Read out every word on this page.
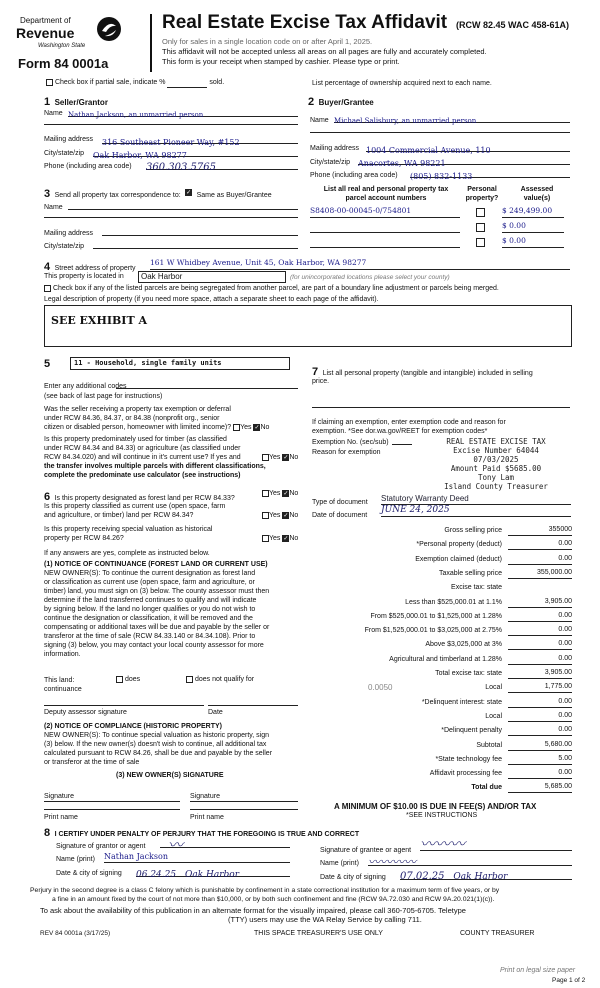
Department of
Revenue
Washington State
Form 84 0001a
Real Estate Excise Tax Affidavit (RCW 82.45 WAC 458-61A)
Only for sales in a single location code on or after April 1, 2025.
This affidavit will not be accepted unless all areas on all pages are fully and accurately completed.
This form is your receipt when stamped by cashier. Please type or print.
Check box if partial sale, indicate %	sold.	List percentage of ownership acquired next to each name.
1 Seller/Grantor
Name Nathan Jackson, an unmarried person
Mailing address 316 Southeast Pioneer Way, #152
City/state/zip Oak Harbor, WA 98277
Phone (including area code) 360.303.5765
2 Buyer/Grantee
Name Michael Salisbury, an unmarried person
Mailing address 1004 Commercial Avenue, 110
City/state/zip Anacortes, WA 98221
Phone (including area code) (805) 832-1133
3 Send all property tax correspondence to: ✓ Same as Buyer/Grantee
Name
Mailing address
City/state/zip
List all real and personal property tax
parcel account numbers
Personal
property?
Assessed
value(s)
S8408-00-00045-0/754801	$ 249,499.00
$ 0.00
$ 0.00
4 Street address of property
161 W Whidbey Avenue, Unit 45, Oak Harbor, WA 98277
This property is located in	Oak Harbor	(for unincorporated locations please select your county)
Check box if any of the listed parcels are being segregated from another parcel, are part of a boundary line adjustment or parcels being merged.
Legal description of property (if you need more space, attach a separate sheet to each page of the affidavit).
SEE EXHIBIT A
5	11 - Household, single family units
Enter any additional codes
(see back of last page for instructions)
Was the seller receiving a property tax exemption or deferral
under RCW 84.36, 84.37, or 84.38 (nonprofit org., senior
citizen or disabled person, homeowner with limited income)? Yes ✓No
Is this property predominately used for timber (as classified
under RCW 84.34 and 84.33) or agriculture (as classified under
RCW 84.34.020) and will continue in it's current use? If yes and
the transfer involves multiple parcels with different classifications,
complete the predominate use calculator (see instructions)
Yes ✓No
6 Is this property designated as forest land per RCW 84.33?
Yes ✓No
Is this property classified as current use (open space, farm
and agriculture, or timber) land per RCW 84.34?	Yes ✓No
Is this property receiving special valuation as historical
property per RCW 84.26?	Yes ✓No
If any answers are yes, complete as instructed below.
(1) NOTICE OF CONTINUANCE (FOREST LAND OR CURRENT USE)
NEW OWNER(S): To continue the current designation as forest land
or classification as current use (open space, farm and agriculture, or
timber) land, you must sign on (3) below. The county assessor must then
determine if the land transferred continues to qualify and will indicate
by signing below. If the land no longer qualifies or you do not wish to
continue the designation or classification, it will be removed and the
compensating or additional taxes will be due and payable by the seller or
transferor at the time of sale (RCW 84.33.140 or 84.34.108). Prior to
signing (3) below, you may contact your local county assessor for more
information.
This land:
continuance
does	does not qualify for
Deputy assessor signature	Date
(2) NOTICE OF COMPLIANCE (HISTORIC PROPERTY)
NEW OWNER(S): To continue special valuation as historic property, sign
(3) below. If the new owner(s) doesn't wish to continue, all additional tax
calculated pursuant to RCW 84.26, shall be due and payable by the seller
or transferor at the time of sale
(3) NEW OWNER(S) SIGNATURE
Signature	Signature
Print name	Print name
7 List all personal property (tangible and intangible) included in selling
price.
If claiming an exemption, enter exemption code and reason for
exemption. *See dor.wa.gov/REET for exemption codes*
Exemption No. (sec/sub)
Reason for exemption
REAL ESTATE EXCISE TAX
Excise Number 64044
07/03/2025
Amount Paid $5685.00
Tony Lam
Island County Treasurer
Type of document Statutory Warranty Deed
Date of document
JUNE 24, 2025
Gross selling price	355000
*Personal property (deduct)	0.00
Exemption claimed (deduct)	0.00
Taxable selling price	355,000.00
Excise tax: state
Less than $525,000.01 at 1.1%	3,905.00
From $525,000.01 to $1,525,000 at 1.28%	0.00
From $1,525,000.01 to $3,025,000 at 2.75%	0.00
Above $3,025,000 at 3%	0.00
Agricultural and timberland at 1.28%	0.00
Total excise tax: state	3,905.00
Local
0.0050	1,775.00
*Delinquent interest: state	0.00
Local	0.00
*Delinquent penalty	0.00
Subtotal	5,680.00
*State technology fee	5.00
Affidavit processing fee	0.00
Total due	5,685.00
A MINIMUM OF $10.00 IS DUE IN FEE(S) AND/OR TAX
*SEE INSTRUCTIONS
8 I CERTIFY UNDER PENALTY OF PERJURY THAT THE FOREGOING IS TRUE AND CORRECT
Signature of grantor or agent	〰
Name (print) Nathan Jackson
Date & city of signing 06.24.25 Oak Harbor
Signature of grantee or agent 〰〰〰
Name (print) 〰〰〰〰
Date & city of signing 07.02.25 Oak Harbor
Perjury in the second degree is a class C felony which is punishable by confinement in a state correctional institution for a maximum term of five years, or by
a fine in an amount fixed by the court of not more than $10,000, or by both such confinement and fine (RCW 9A.72.030 and RCW 9A.20.021(1)(c)).
To ask about the availability of this publication in an alternate format for the visually impaired, please call 360-705-6705. Teletype
(TTY) users may use the WA Relay Service by calling 711.
REV 84 0001a (3/17/25)	THIS SPACE TREASURER'S USE ONLY	COUNTY TREASURER
Print on legal size paper
Page 1 of 2
